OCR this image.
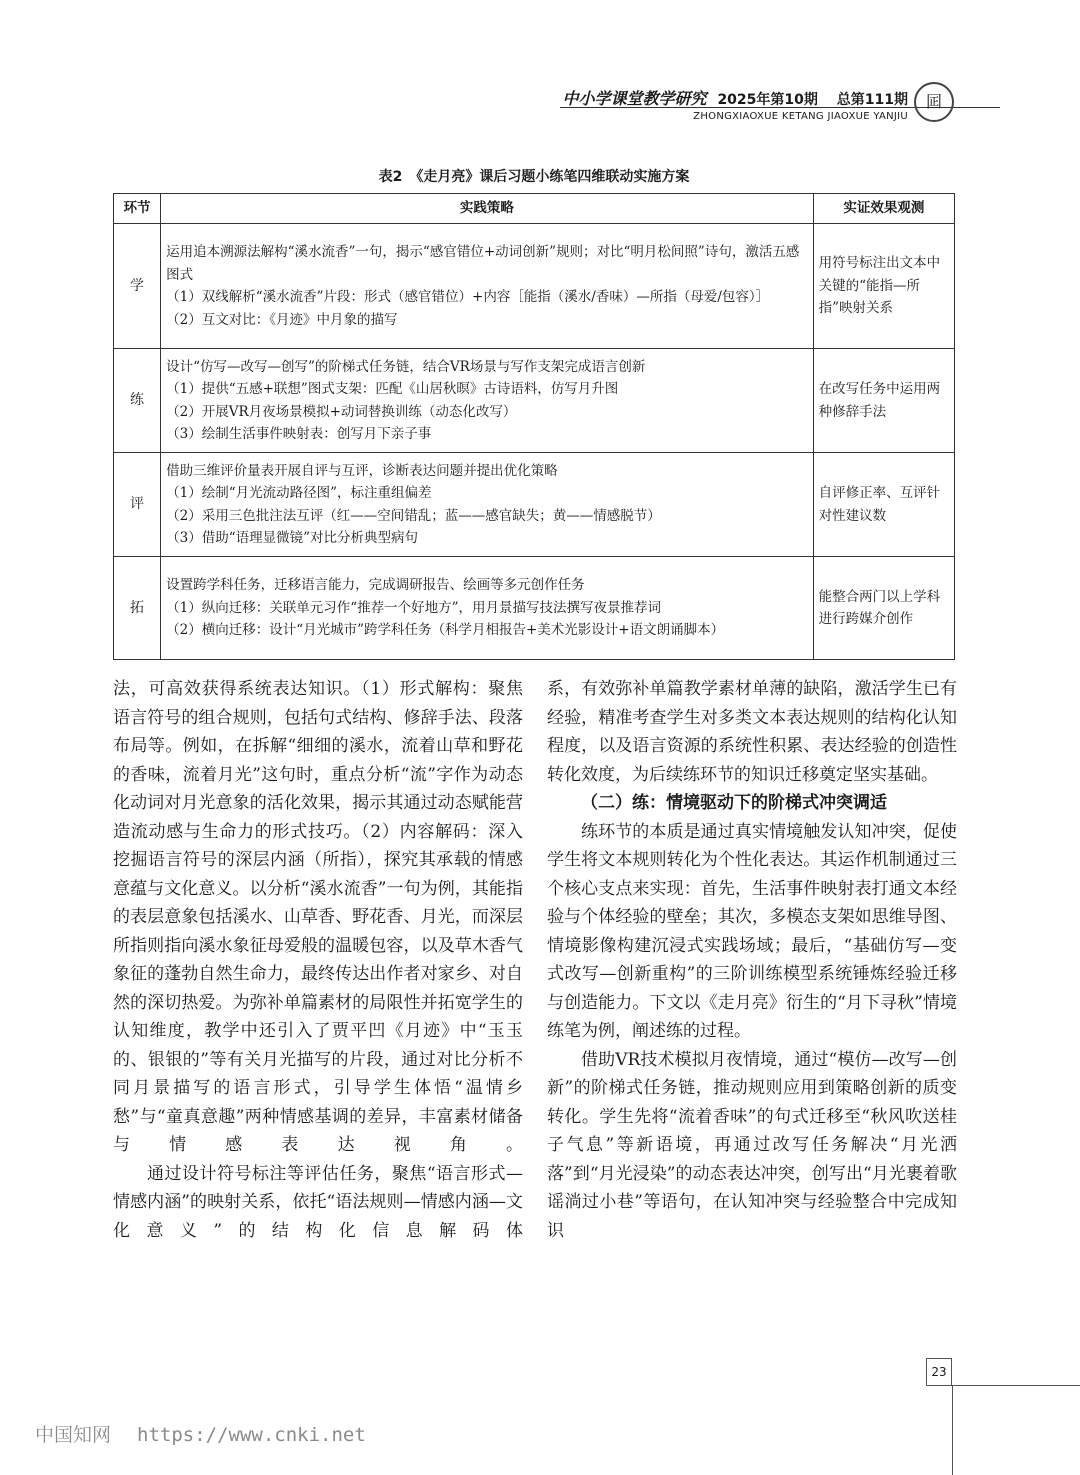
中小学课堂教学研究 2025年第10期 总第111期
ZHONGXIAOXUE KETANG JIAOXUE YANJIU
囸
表2　《走月亮》课后习题小练笔四维联动实施方案
环节	实践策略	实证效果观测
学	运用追本溯源法解构“溪水流香”一句，揭示“感官错位+动词创新”规则；对比“明月松间照”诗句，激活五感图式
（1）双线解析“溪水流香”片段：形式（感官错位）+内容［能指（溪水/香味）—所指（母爱/包容）］
（2）互文对比：《月迹》中月象的描写	用符号标注出文本中关键的“能指—所指”映射关系
练	设计“仿写—改写—创写”的阶梯式任务链，结合VR场景与写作支架完成语言创新
（1）提供“五感+联想”图式支架：匹配《山居秋暝》古诗语料，仿写月升图
（2）开展VR月夜场景模拟+动词替换训练（动态化改写）
（3）绘制生活事件映射表：创写月下亲子事	在改写任务中运用两种修辞手法
评	借助三维评价量表开展自评与互评，诊断表达问题并提出优化策略
（1）绘制“月光流动路径图”，标注重组偏差
（2）采用三色批注法互评（红——空间错乱；蓝——感官缺失；黄——情感脱节）
（3）借助“语理显微镜”对比分析典型病句	自评修正率、互评针对性建议数
拓	设置跨学科任务，迁移语言能力，完成调研报告、绘画等多元创作任务
（1）纵向迁移：关联单元习作“推荐一个好地方”，用月景描写技法撰写夜景推荐词
（2）横向迁移：设计“月光城市”跨学科任务（科学月相报告+美术光影设计+语文朗诵脚本）	能整合两门以上学科进行跨媒介创作

法，可高效获得系统表达知识。（1）形式解构：聚焦语言符号的组合规则，包括句式结构、修辞手法、段落布局等。例如，在拆解“细细的溪水，流着山草和野花的香味，流着月光”这句时，重点分析“流”字作为动态化动词对月光意象的活化效果，揭示其通过动态赋能营造流动感与生命力的形式技巧。（2）内容解码：深入挖掘语言符号的深层内涵（所指），探究其承载的情感意蕴与文化意义。以分析“溪水流香”一句为例，其能指的表层意象包括溪水、山草香、野花香、月光，而深层所指则指向溪水象征母爱般的温暖包容，以及草木香气象征的蓬勃自然生命力，最终传达出作者对家乡、对自然的深切热爱。为弥补单篇素材的局限性并拓宽学生的认知维度，教学中还引入了贾平凹《月迹》中“玉玉的、银银的”等有关月光描写的片段，通过对比分析不同月景描写的语言形式，引导学生体悟“温情乡愁”与“童真意趣”两种情感基调的差异，丰富素材储备与情感表达视角。

通过设计符号标注等评估任务，聚焦“语言形式—情感内涵”的映射关系，依托“语法规则—情感内涵—文化意义”的结构化信息解码体

系，有效弥补单篇教学素材单薄的缺陷，激活学生已有经验，精准考查学生对多类文本表达规则的结构化认知程度，以及语言资源的系统性积累、表达经验的创造性转化效度，为后续练环节的知识迁移奠定坚实基础。

（二）练：情境驱动下的阶梯式冲突调适

练环节的本质是通过真实情境触发认知冲突，促使学生将文本规则转化为个性化表达。其运作机制通过三个核心支点来实现：首先，生活事件映射表打通文本经验与个体经验的壁垒；其次，多模态支架如思维导图、情境影像构建沉浸式实践场域；最后，“基础仿写—变式改写—创新重构”的三阶训练模型系统锤炼经验迁移与创造能力。下文以《走月亮》衍生的“月下寻秋”情境练笔为例，阐述练的过程。

借助VR技术模拟月夜情境，通过“模仿—改写—创新”的阶梯式任务链，推动规则应用到策略创新的质变转化。学生先将“流着香味”的句式迁移至“秋风吹送桂子气息”等新语境，再通过改写任务解决“月光洒落”到“月光浸染”的动态表达冲突，创写出“月光裹着歌谣淌过小巷”等语句，在认知冲突与经验整合中完成知识

23
中国知网 https://www.cnki.net
